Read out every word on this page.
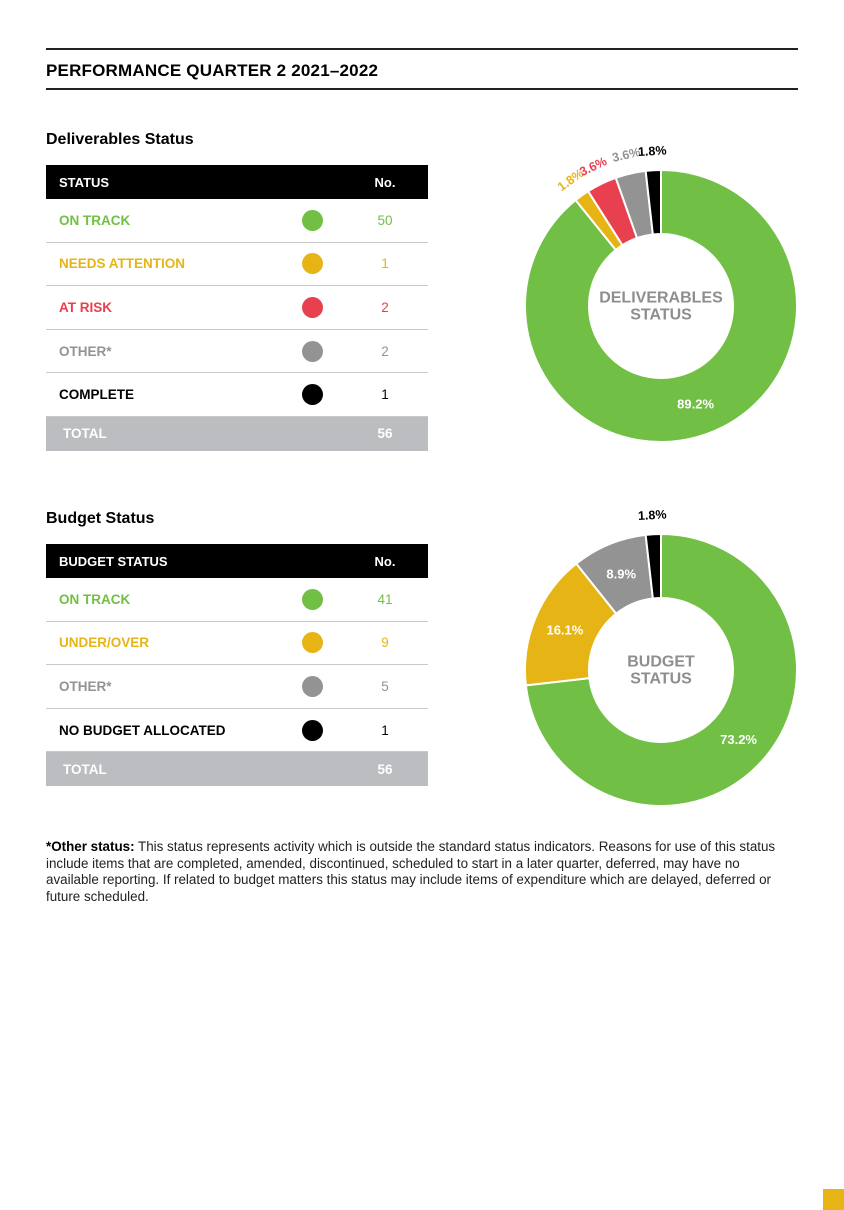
PERFORMANCE QUARTER 2 2021–2022
Deliverables Status
STATUS	No.
ON TRACK	50
NEEDS ATTENTION	1
AT RISK	2
OTHER*	2
COMPLETE	1
TOTAL	56
89.2%
1.8%
3.6% 3.6%
1.8%
DELIVERABLES
STATUS
Budget Status
BUDGET STATUS	No.
ON TRACK	41
UNDER/OVER	9
OTHER*	5
NO BUDGET ALLOCATED	1
TOTAL	56
73.2%
16.1%
8.9%
1.8%
BUDGET
STATUS
*Other status: This status represents activity which is outside the standard status indicators. Reasons for use of this status include items that are completed, amended, discontinued, scheduled to start in a later quarter, deferred, may have no available reporting. If related to budget matters this status may include items of expenditure which are delayed, deferred or future scheduled.
